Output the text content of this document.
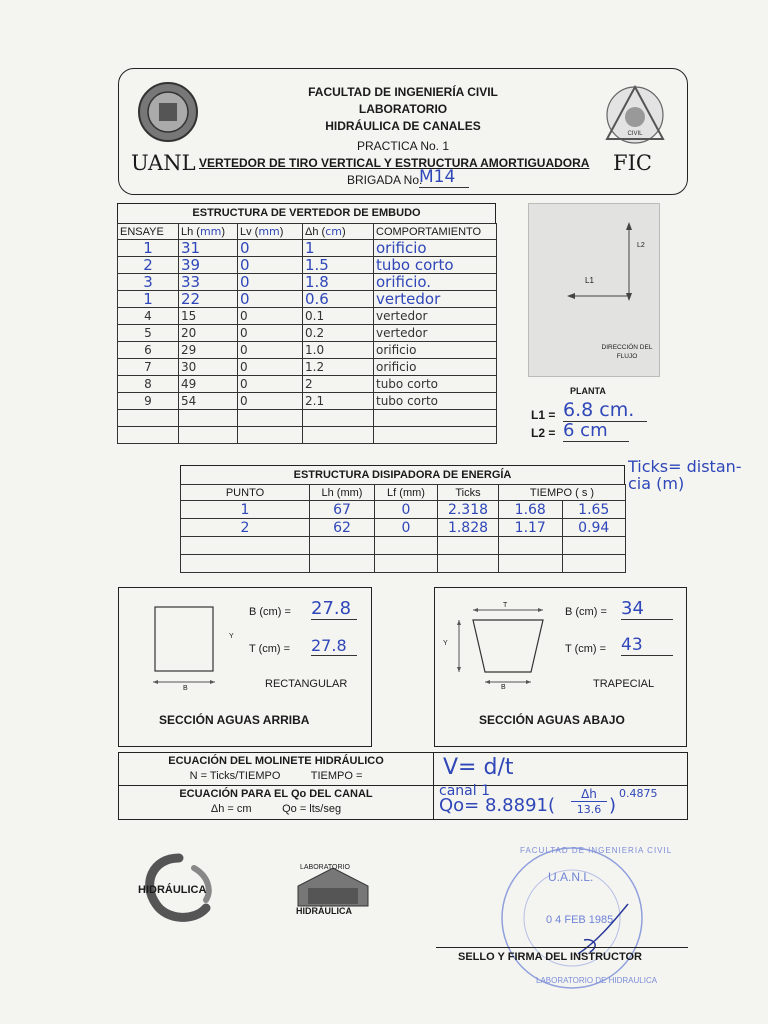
CIVIL
FACULTAD DE INGENIERÍA CIVIL
LABORATORIO
HIDRÁULICA DE CANALES
PRACTICA No. 1
UANL VERTEDOR DE TIRO VERTICAL Y ESTRUCTURA AMORTIGUADORA FIC
BRIGADA No.
M14
ESTRUCTURA DE VERTEDOR DE EMBUDO
ENSAYE	Lh (mm)	Lv (mm)	Δh (cm)	COMPORTAMIENTO
1	31	0	1	orificio
2	39	0	1.5	tubo corto
3	33	0	1.8	orificio.
1	22	0	0.6	vertedor
4	15	0	0.1	vertedor
5	20	0	0.2	vertedor
6	29	0	1.0	orificio
7	30	0	1.2	orificio
8	49	0	2	tubo corto
9	54	0	2.1	tubo corto

L2
L1
DIRECCIÓN DEL FLUJO
PLANTA
L1 = 6.8 cm.
L2 = 6 cm
Ticks= distan- cia (m)
ESTRUCTURA DISIPADORA DE ENERGÍA
PUNTO	Lh (mm)	Lf (mm)	Ticks	TIEMPO ( s )	
1	67	0	2.318	1.68	1.65
2	62	0	1.828	1.17	0.94

Y
B
B (cm) = 27.8
T (cm) = 27.8
RECTANGULAR
SECCIÓN AGUAS ARRIBA
T
Y
B
B (cm) = 34
T (cm) = 43
TRAPECIAL
SECCIÓN AGUAS ABAJO
ECUACIÓN DEL MOLINETE HIDRÁULICO
N = Ticks/TIEMPO          TIEMPO =	V= d/t
ECUACIÓN PARA EL Qo DEL CANAL
Δh = cm          Qo = lts/seg
canal 1
Qo= 8.8891(
Δh
13.6 )
0.4875
HIDRÁULICA
LABORATORIO
HIDRÁULICA
FACULTAD DE INGENIERIA CIVIL
U.A.N.L.
0 4 FEB 1985
LABORATORIO DE HIDRAULICA
SELLO Y FIRMA DEL INSTRUCTOR
